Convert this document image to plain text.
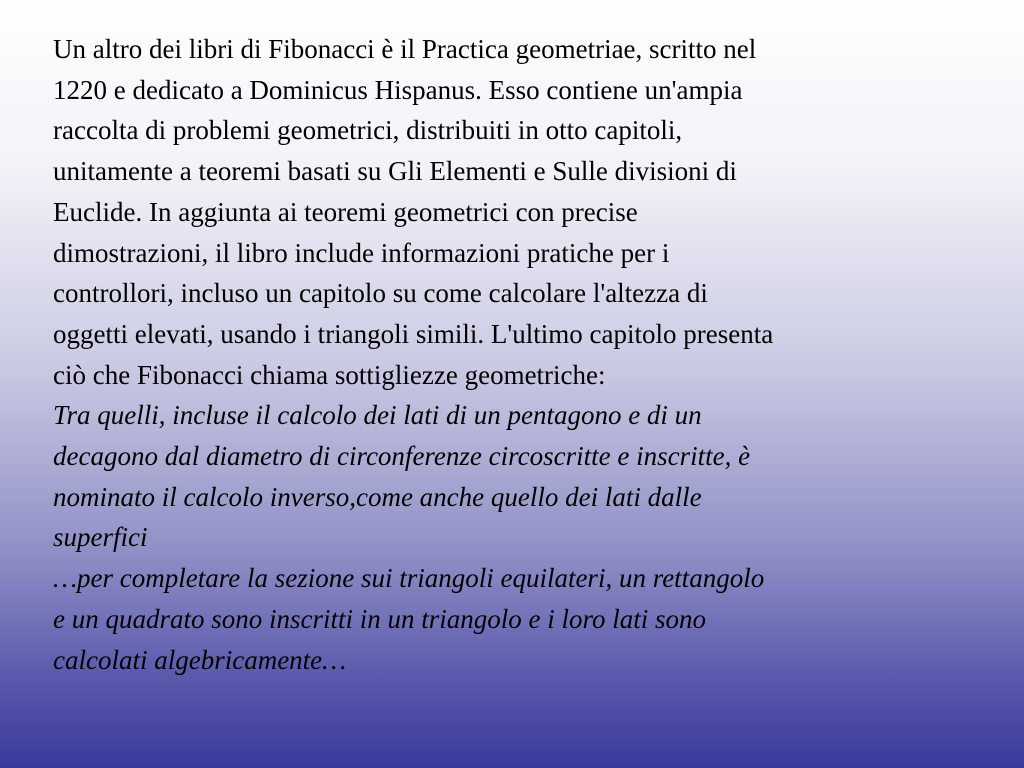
Un altro dei libri di Fibonacci è il Practica geometriae, scritto nel

1220 e dedicato a Dominicus Hispanus. Esso contiene un'ampia

raccolta di problemi geometrici, distribuiti in otto capitoli,

unitamente a teoremi basati su Gli Elementi e Sulle divisioni di

Euclide. In aggiunta ai teoremi geometrici con precise

dimostrazioni, il libro include informazioni pratiche per i

controllori, incluso un capitolo su come calcolare l'altezza di

oggetti elevati, usando i triangoli simili. L'ultimo capitolo presenta

ciò che Fibonacci chiama sottigliezze geometriche:

Tra quelli, incluse il calcolo dei lati di un pentagono e di un

decagono dal diametro di circonferenze circoscritte e inscritte, è

nominato il calcolo inverso,come anche quello dei lati dalle

superfici

…per completare la sezione sui triangoli equilateri, un rettangolo

e un quadrato sono inscritti in un triangolo e i loro lati sono

calcolati algebricamente…
